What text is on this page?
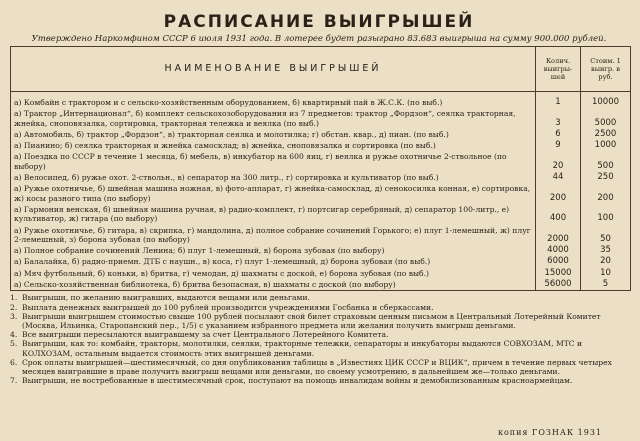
РАСПИСАНИЕ ВЫИГРЫШЕЙ
Утверждено Наркомфином СССР 6 июля 1931 года. В лотерее будет разыграно 83.683 выигрыша на сумму 900.000 рублей.
НАИМЕНОВАНИЕ ВЫИГРЫШЕЙ	Колич. выигры-шей	Стоим. 1 выигр. в руб.
а) Комбайн с трактором и с сельско-хозяйственным оборудованием, б) квартирный пай в Ж.С.К. (по выб.)	1	10000
а) Трактор „Интернационал“, б) комплект сельскохозоборудования из 7 предметов: трактор „Фордзон“, сеялка тракторная, жнейка, сноповязалка, сортировка, тракторная тележка и веялка (по выб.)	3	5000
а) Автомобиль, б) трактор „Фордзон“, в) тракторная сеялка и молотилка; г) обстан. квар., д) пиан. (по выб.)	6	2500
а) Пианино; б) сеялка тракторная и жнейка самосклад; в) жнейка, сноповязалка и сортировка (по выб.)	9	1000
а) Поездка по СССР в течение 1 месяца, б) мебель, в) инкубатор на 600 яиц, г) веялка и ружье охотничье 2-ствольное (по выбору)	20	500
а) Велосипед, б) ружье охот. 2-ствольн., в) сепаратор на 300 литр., г) сортировка и культиватор (по выб.)	44	250
а) Ружье охотничье, б) швейная машина ножная, в) фото-аппарат, г) жнейка-самосклад, д) сенокосилка конная, е) сортировка, ж) косы разного типа (по выбору)	200	200
а) Гармония венская, б) швейная машина ручная, в) радио-комплект, г) портсигар серебряный, д) сепаратор 100-литр., е) культиватор, ж) гитара (по выбору)	400	100
а) Ружье охотничье, б) гитара, в) скрипка, г) мандолина, д) полное собрание сочинений Горького; е) плуг 1-лемешный, ж) плуг 2-лемешный, з) борона зубовая (по выбору)	2000	50
а) Полное собрание сочинений Ленина; б) плуг 1-лемешный, в) борона зубовая (по выбору)	4000	35
а) Балалайка, б) радио-приемн. ДТБ с наушн., в) коса, г) плуг 1-лемешный, д) борона зубовая (по выб.)	6000	20
а) Мяч футбольный, б) коньки, в) бритва, г) чемодан, д) шахматы с доской, е) борона зубовая (по выб.)	15000	10
а) Сельско-хозяйственная библиотека, б) бритва безопасная, в) шахматы с доской (по выбору)	56000	5
1. Выигрыши, по желанию выигравших, выдаются вещами или деньгами.
2. Выплата денежных выигрышей до 100 рублей производится учреждениями Госбанка и сберкассами.
3. Выигрыши выигрышем стоимостью свыше 100 рублей посылают свой билет страховым ценным письмом в Центральный Лотерейный Комитет (Москва, Ильинка, Старопанский пер., 1/5) с указанием избранного предмета или желания получить выигрыш деньгами.
4. Все выигрыши пересылаются выигравшему за счет Центрального Лотерейного Комитета.
5. Выигрыши, как то: комбайн, тракторы, молотилки, сеялки, тракторные тележки, сепараторы и инкубаторы выдаются СОВХОЗАМ, МТС и КОЛХОЗАМ, остальным выдается стоимость этих выигрышей деньгами.
6. Срок оплаты выигрышей—шестимесячный, со дня опубликования таблицы в „Известиях ЦИК СССР и ВЦИК“, причем в течение первых четырех месяцев выигравшие в праве получить выигрыш вещами или деньгами, по своему усмотрению, в дальнейшем же—только деньгами.
7. Выигрыши, не востребованные в шестимесячный срок, поступают на помощь инвалидам войны и демобилизованным красноармейцам.
копия ГОЗНАК 1931
